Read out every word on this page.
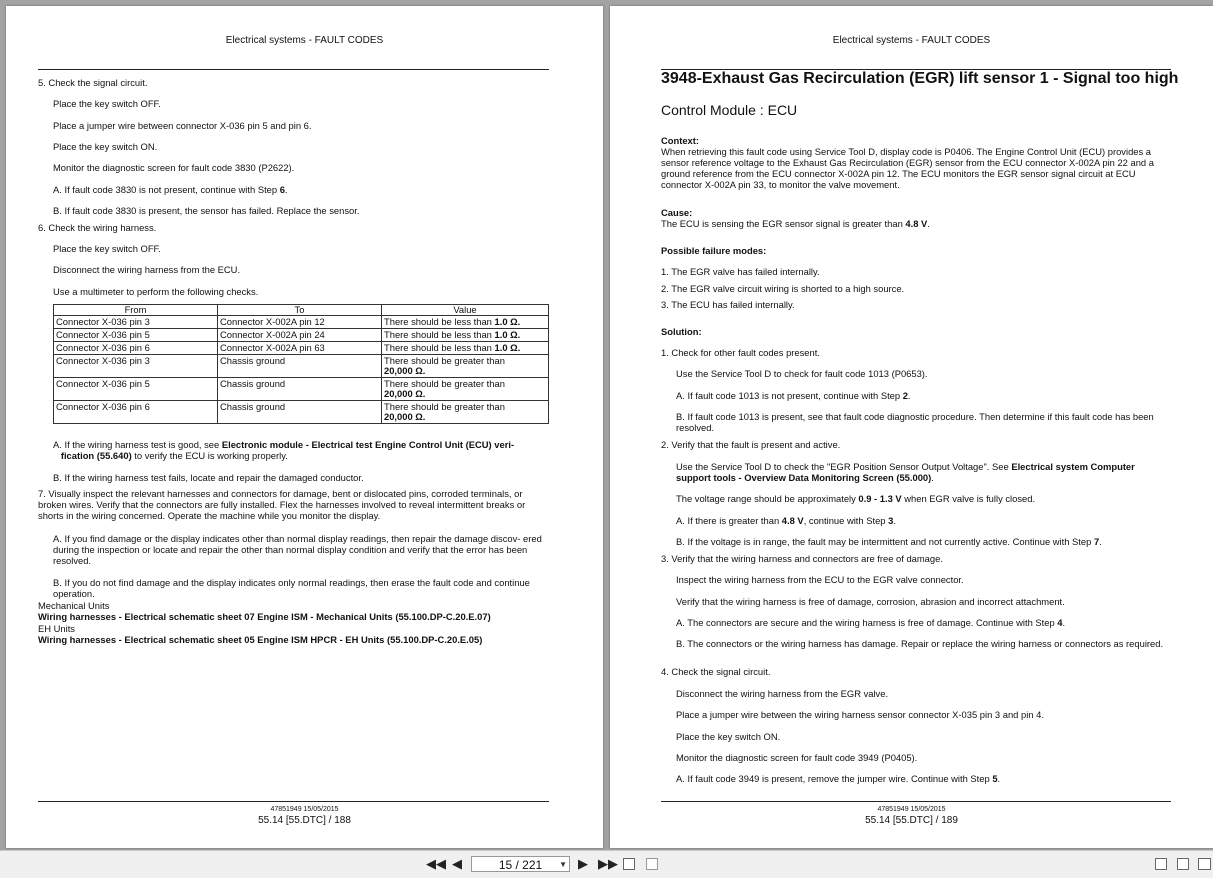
Electrical systems - FAULT CODES
5. Check the signal circuit.
Place the key switch OFF.
Place a jumper wire between connector X-036 pin 5 and pin 6.
Place the key switch ON.
Monitor the diagnostic screen for fault code 3830 (P2622).
A. If fault code 3830 is not present, continue with Step 6.
B. If fault code 3830 is present, the sensor has failed. Replace the sensor.
6. Check the wiring harness.
Place the key switch OFF.
Disconnect the wiring harness from the ECU.
Use a multimeter to perform the following checks.
From	To	Value
Connector X-036 pin 3	Connector X-002A pin 12	There should be less than 1.0 Ω.
Connector X-036 pin 5	Connector X-002A pin 24	There should be less than 1.0 Ω.
Connector X-036 pin 6	Connector X-002A pin 63	There should be less than 1.0 Ω.
Connector X-036 pin 3	Chassis ground	There should be greater than
20,000 Ω.
Connector X-036 pin 5	Chassis ground	There should be greater than
20,000 Ω.
Connector X-036 pin 6	Chassis ground	There should be greater than
20,000 Ω.
A. If the wiring harness test is good, see Electronic module - Electrical test Engine Control Unit (ECU) veri-
fication (55.640) to verify the ECU is working properly.
B. If the wiring harness test fails, locate and repair the damaged conductor.
7. Visually inspect the relevant harnesses and connectors for damage, bent or dislocated pins, corroded terminals, or broken wires. Verify that the connectors are fully installed. Flex the harnesses involved to reveal intermittent breaks or shorts in the wiring concerned. Operate the machine while you monitor the display.
A. If you find damage or the display indicates other than normal display readings, then repair the damage discov- ered during the inspection or locate and repair the other than normal display condition and verify that the error has been resolved.
B. If you do not find damage and the display indicates only normal readings, then erase the fault code and continue operation.
Mechanical Units
Wiring harnesses - Electrical schematic sheet 07 Engine ISM - Mechanical Units (55.100.DP-C.20.E.07)
EH Units
Wiring harnesses - Electrical schematic sheet 05 Engine ISM HPCR - EH Units (55.100.DP-C.20.E.05)
47851949 15/05/2015
55.14 [55.DTC] / 188
Electrical systems - FAULT CODES
3948-Exhaust Gas Recirculation (EGR) lift sensor 1 - Signal too high
Control Module : ECU
Context:
When retrieving this fault code using Service Tool D, display code is P0406. The Engine Control Unit (ECU) provides a sensor reference voltage to the Exhaust Gas Recirculation (EGR) sensor from the ECU connector X-002A pin 22 and a ground reference from the ECU connector X-002A pin 12. The ECU monitors the EGR sensor signal circuit at ECU connector X-002A pin 33, to monitor the valve movement.
Cause:
The ECU is sensing the EGR sensor signal is greater than 4.8 V.
Possible failure modes:
1. The EGR valve has failed internally.
2. The EGR valve circuit wiring is shorted to a high source.
3. The ECU has failed internally.
Solution:
1. Check for other fault codes present.
Use the Service Tool D to check for fault code 1013 (P0653).
A. If fault code 1013 is not present, continue with Step 2.
B. If fault code 1013 is present, see that fault code diagnostic procedure. Then determine if this fault code has been resolved.
2. Verify that the fault is present and active.
Use the Service Tool D to check the "EGR Position Sensor Output Voltage". See Electrical system Computer support tools - Overview Data Monitoring Screen (55.000).
The voltage range should be approximately 0.9 - 1.3 V when EGR valve is fully closed.
A. If there is greater than 4.8 V, continue with Step 3.
B. If the voltage is in range, the fault may be intermittent and not currently active. Continue with Step 7.
3. Verify that the wiring harness and connectors are free of damage.
Inspect the wiring harness from the ECU to the EGR valve connector.
Verify that the wiring harness is free of damage, corrosion, abrasion and incorrect attachment.
A. The connectors are secure and the wiring harness is free of damage. Continue with Step 4.
B. The connectors or the wiring harness has damage. Repair or replace the wiring harness or connectors as required.
4. Check the signal circuit.
Disconnect the wiring harness from the EGR valve.
Place a jumper wire between the wiring harness sensor connector X-035 pin 3 and pin 4.
Place the key switch ON.
Monitor the diagnostic screen for fault code 3949 (P0405).
A. If fault code 3949 is present, remove the jumper wire. Continue with Step 5.
47851949 15/05/2015
55.14 [55.DTC] / 189
◀◀ ◀	15 / 221 ▼ ▶ ▶▶
